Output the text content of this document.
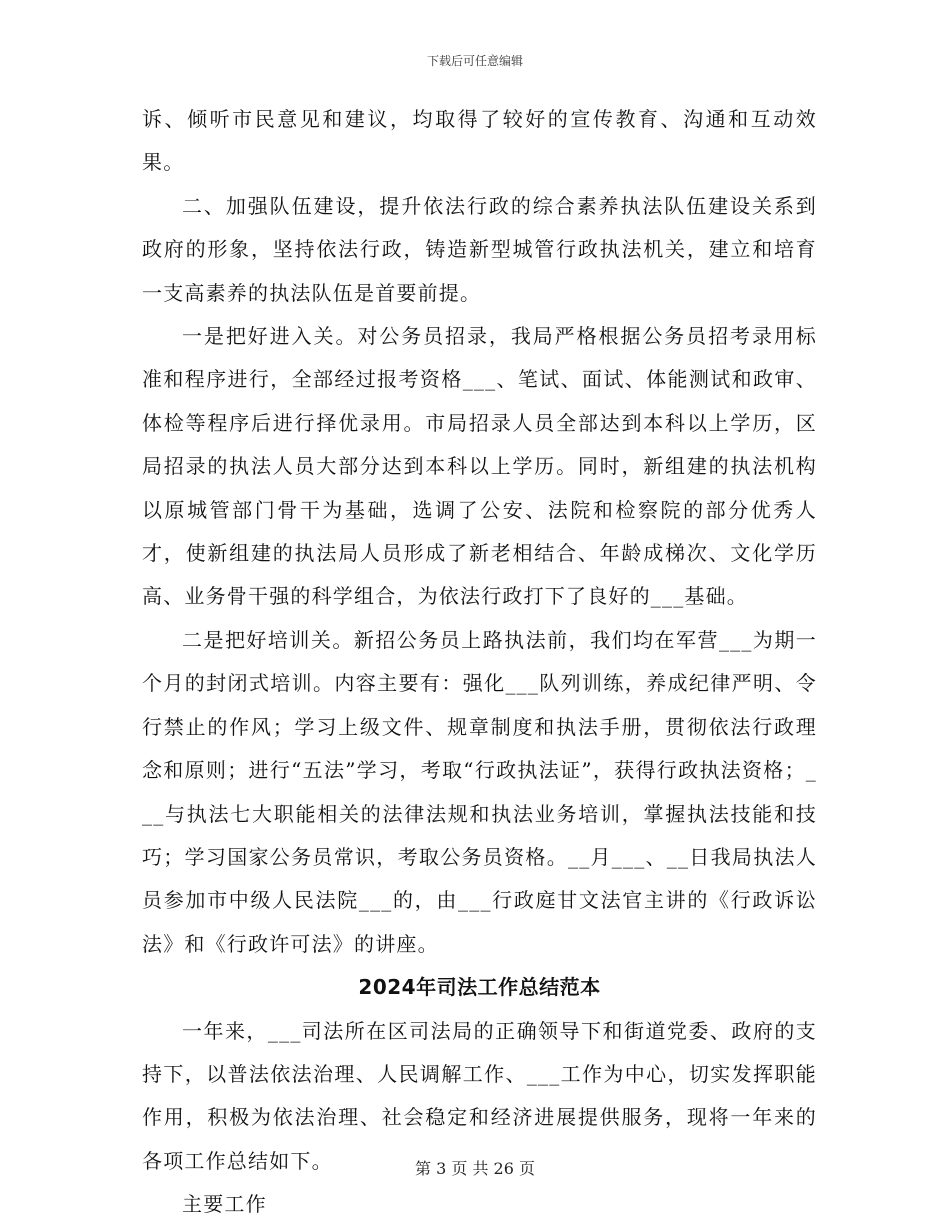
下载后可任意编辑

诉、倾听市民意见和建议，均取得了较好的宣传教育、沟通和互动效果。

二、加强队伍建设，提升依法行政的综合素养执法队伍建设关系到政府的形象，坚持依法行政，铸造新型城管行政执法机关，建立和培育一支高素养的执法队伍是首要前提。

一是把好进入关。对公务员招录，我局严格根据公务员招考录用标准和程序进行，全部经过报考资格___、笔试、面试、体能测试和政审、体检等程序后进行择优录用。市局招录人员全部达到本科以上学历，区局招录的执法人员大部分达到本科以上学历。同时，新组建的执法机构以原城管部门骨干为基础，选调了公安、法院和检察院的部分优秀人才，使新组建的执法局人员形成了新老相结合、年龄成梯次、文化学历高、业务骨干强的科学组合，为依法行政打下了良好的___基础。

二是把好培训关。新招公务员上路执法前，我们均在军营___为期一个月的封闭式培训。内容主要有：强化___队列训练，养成纪律严明、令行禁止的作风；学习上级文件、规章制度和执法手册，贯彻依法行政理念和原则；进行“五法”学习，考取“行政执法证”，获得行政执法资格；___与执法七大职能相关的法律法规和执法业务培训，掌握执法技能和技巧；学习国家公务员常识，考取公务员资格。__月___、__日我局执法人员参加市中级人民法院___的，由___行政庭甘文法官主讲的《行政诉讼法》和《行政许可法》的讲座。

2024年司法工作总结范本

一年来，___司法所在区司法局的正确领导下和街道党委、政府的支持下，以普法依法治理、人民调解工作、___工作为中心，切实发挥职能作用，积极为依法治理、社会稳定和经济进展提供服务，现将一年来的各项工作总结如下。

主要工作

第 3 页 共 26 页
